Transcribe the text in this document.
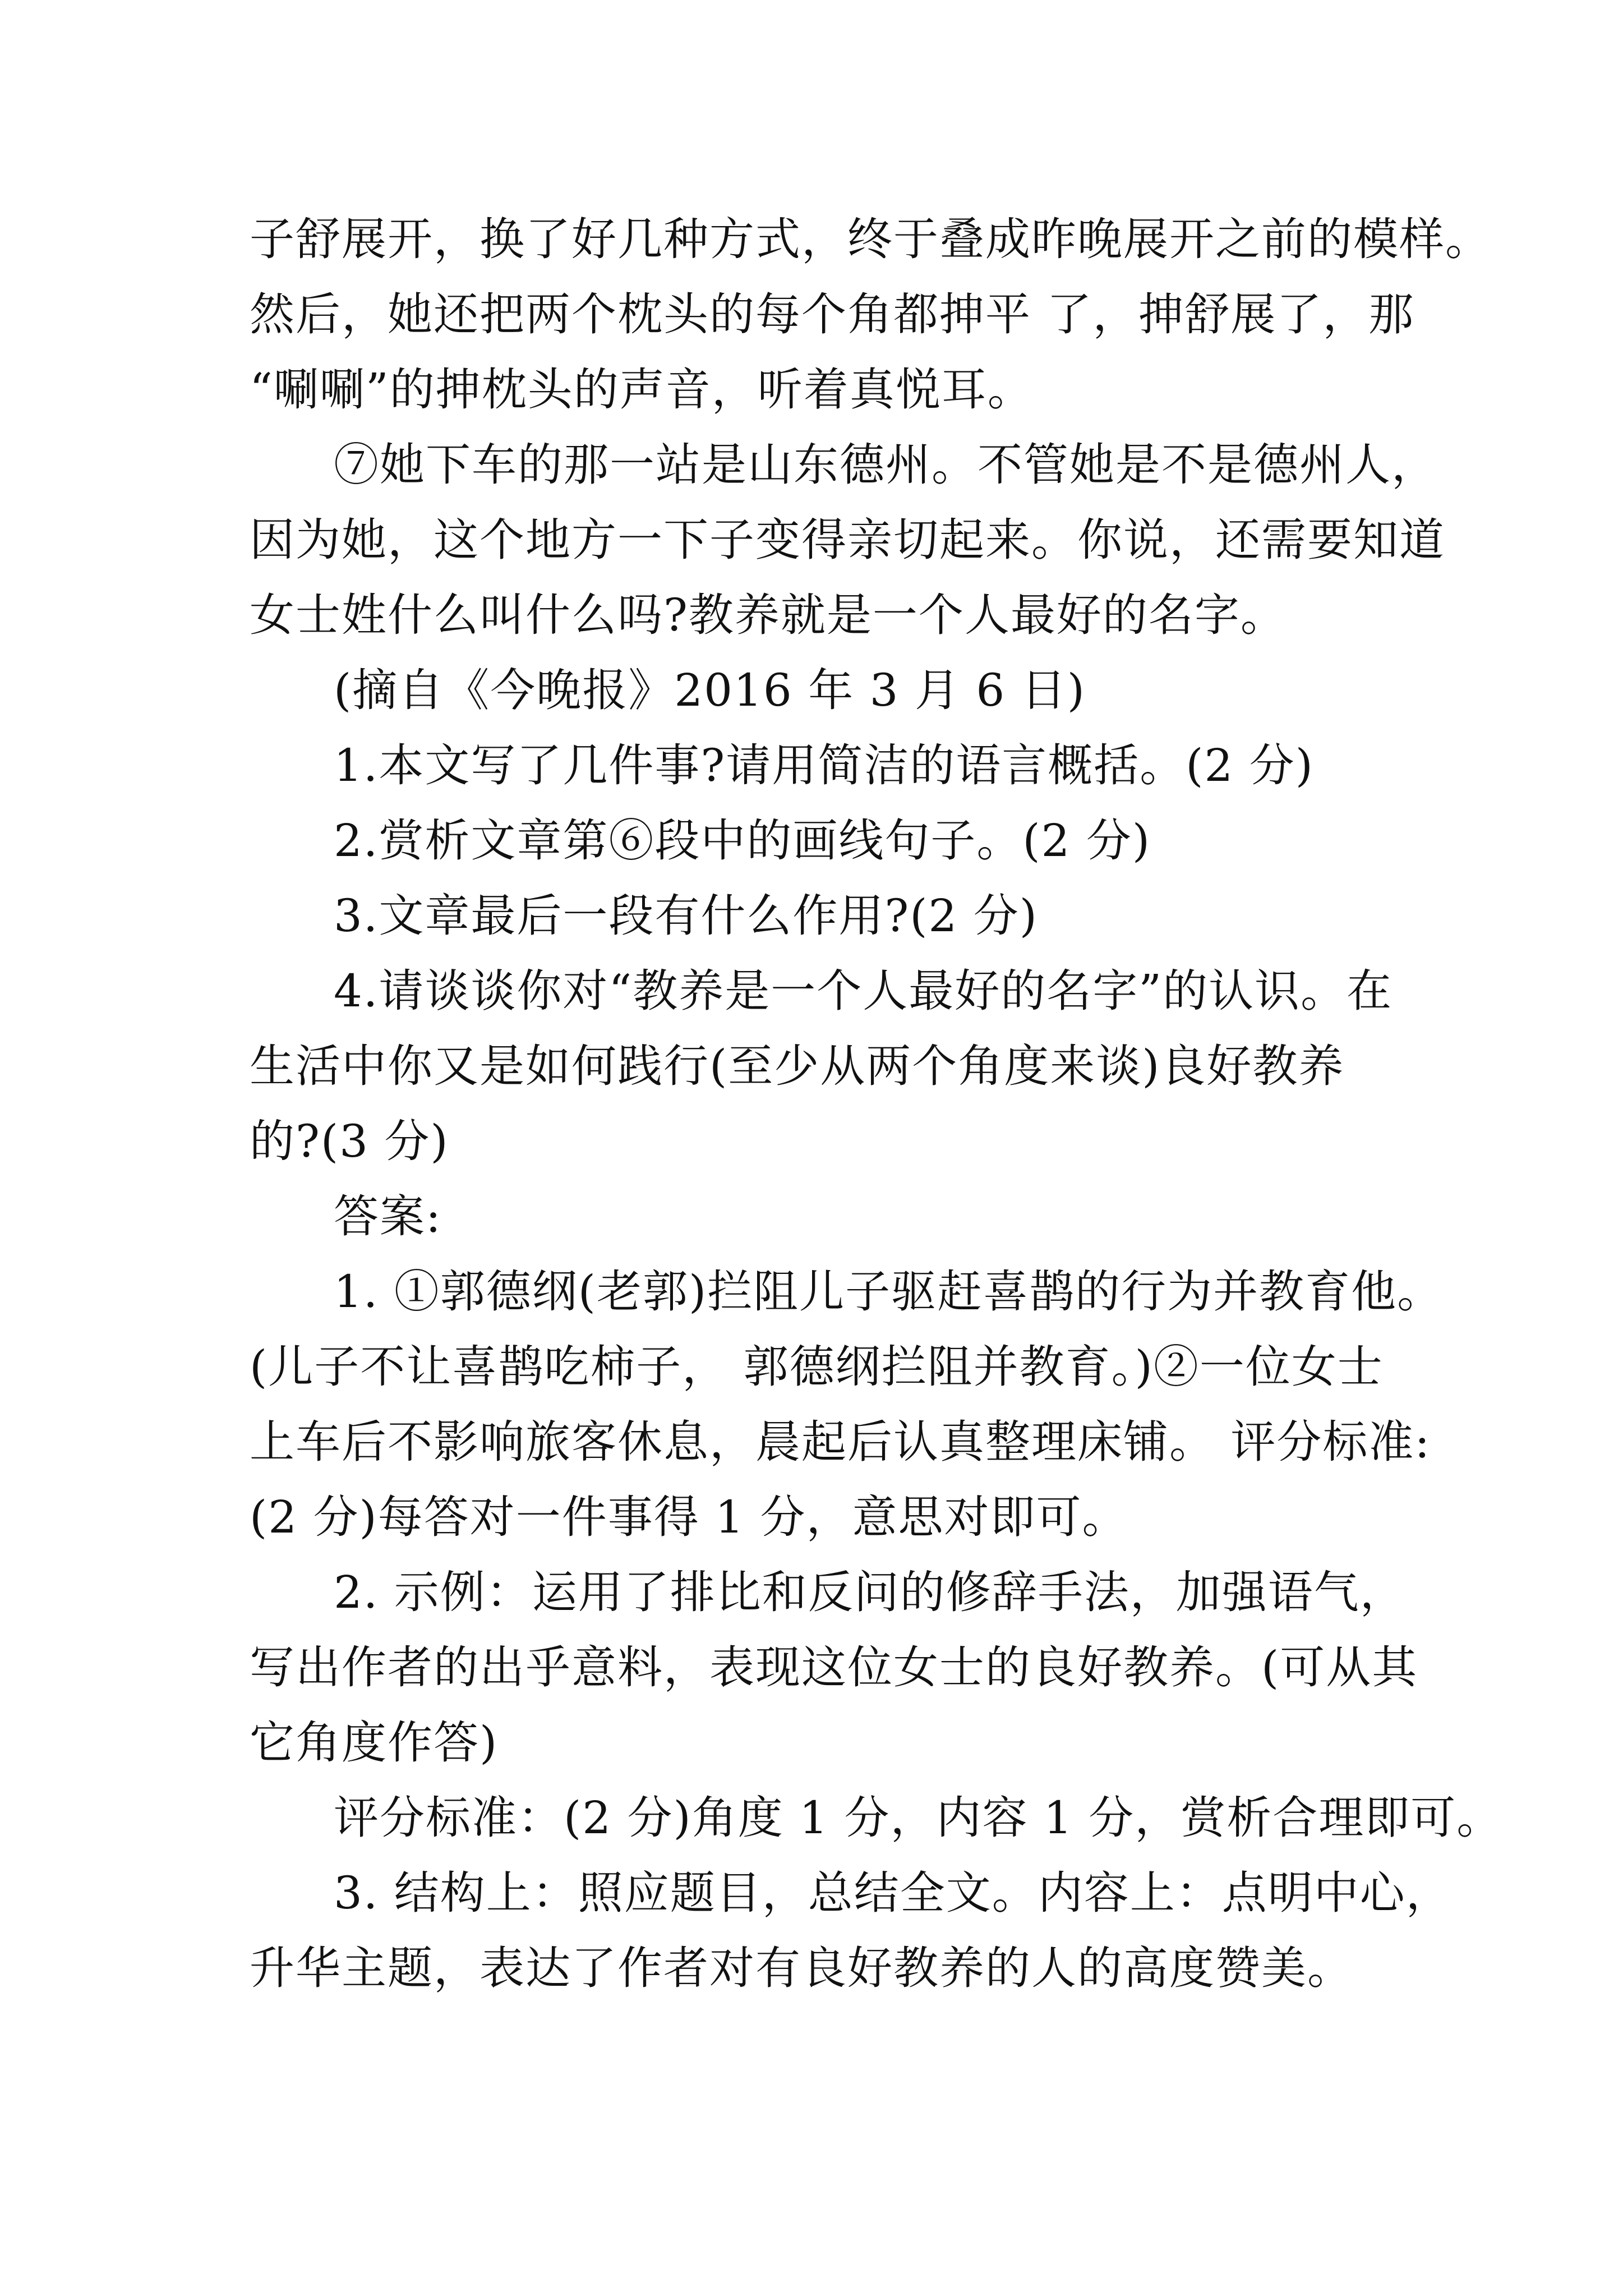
子舒展开，换了好几种方式，终于叠成昨晚展开之前的模样。
然后，她还把两个枕头的每个角都抻平 了，抻舒展了，那
“唰唰”的抻枕头的声音，听着真悦耳。
⑦她下车的那一站是山东德州。不管她是不是德州人，
因为她，这个地方一下子变得亲切起来。你说，还需要知道
女士姓什么叫什么吗?教养就是一个人最好的名字。
(摘自《今晚报》2016 年 3 月 6 日)
1.本文写了几件事?请用简洁的语言概括。(2 分)
2.赏析文章第⑥段中的画线句子。(2 分)
3.文章最后一段有什么作用?(2 分)
4.请谈谈你对“教养是一个人最好的名字”的认识。在
生活中你又是如何践行(至少从两个角度来谈)良好教养
的?(3 分)
答案:
1. ①郭德纲(老郭)拦阻儿子驱赶喜鹊的行为并教育他。
(儿子不让喜鹊吃柿子， 郭德纲拦阻并教育。)②一位女士
上车后不影响旅客休息，晨起后认真整理床铺。 评分标准:
(2 分)每答对一件事得 1 分，意思对即可。
2. 示例：运用了排比和反问的修辞手法，加强语气，
写出作者的出乎意料，表现这位女士的良好教养。(可从其
它角度作答)
评分标准：(2 分)角度 1 分，内容 1 分，赏析合理即可。
3. 结构上：照应题目，总结全文。内容上：点明中心，
升华主题，表达了作者对有良好教养的人的高度赞美。
